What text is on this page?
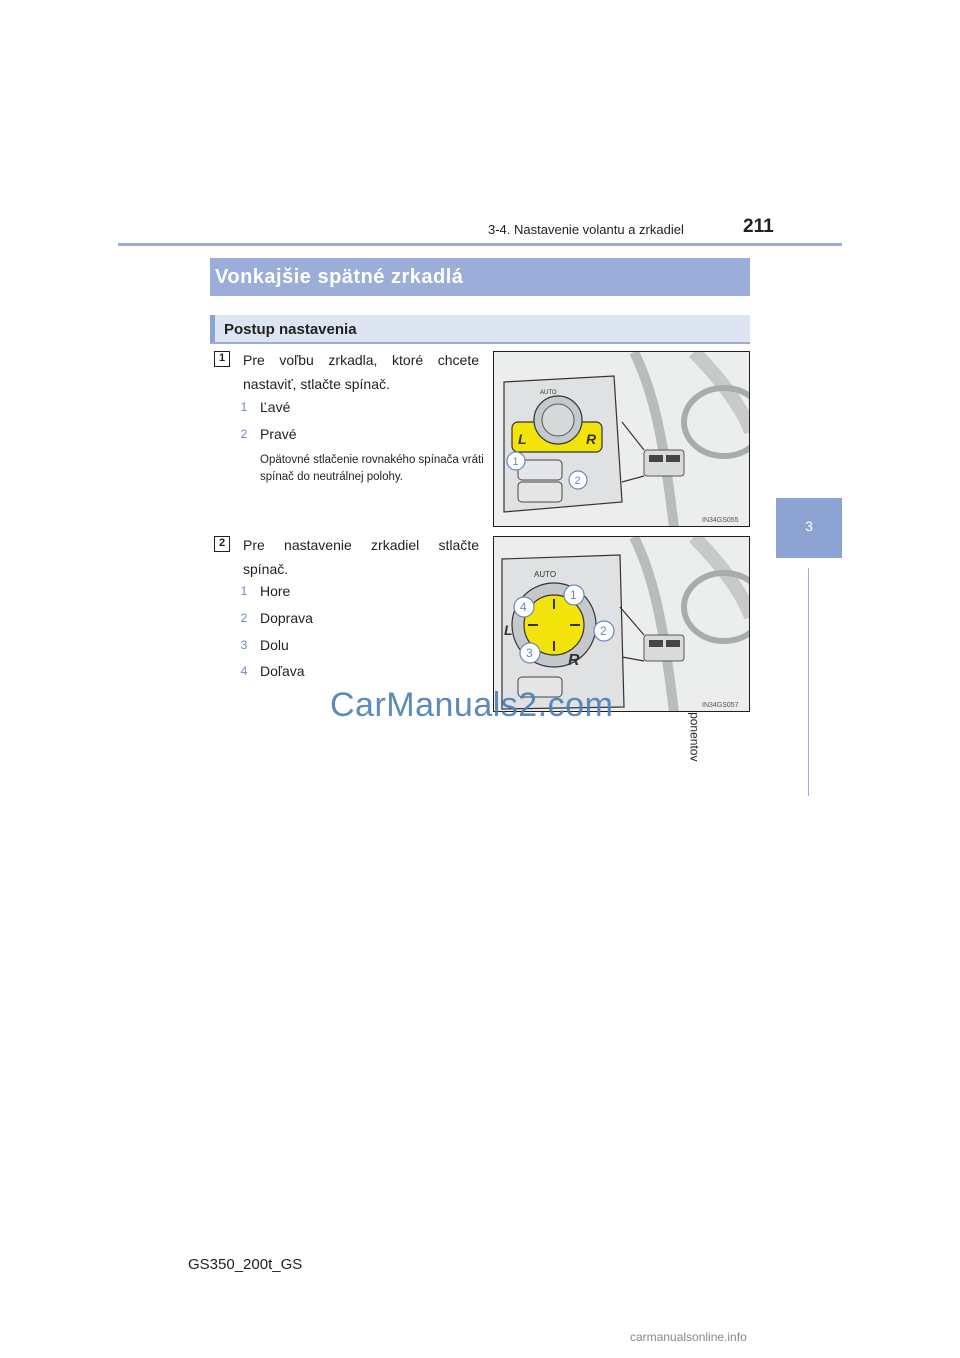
3-4. Nastavenie volantu a zrkadiel	211
3
Vonkajšie spätné zrkadlá
Postup nastavenia
1	Pre voľbu zrkadla, ktoré chcete nastaviť, stlačte spínač.
1 Ľavé
2 Pravé
Opätovné stlačenie rovnakého spínača vráti spínač do neutrálnej polohy.
AUTO
L	R
1
2
IN34GS055
2	Pre nastavenie zrkadiel stlačte spínač.
1 Hore
2 Doprava
3 Dolu
4 Doľava
AUTO
L
R
1
2
3
4
IN34GS057
CarManuals2.com
GS350_200t_GS
carmanualsonline.info
